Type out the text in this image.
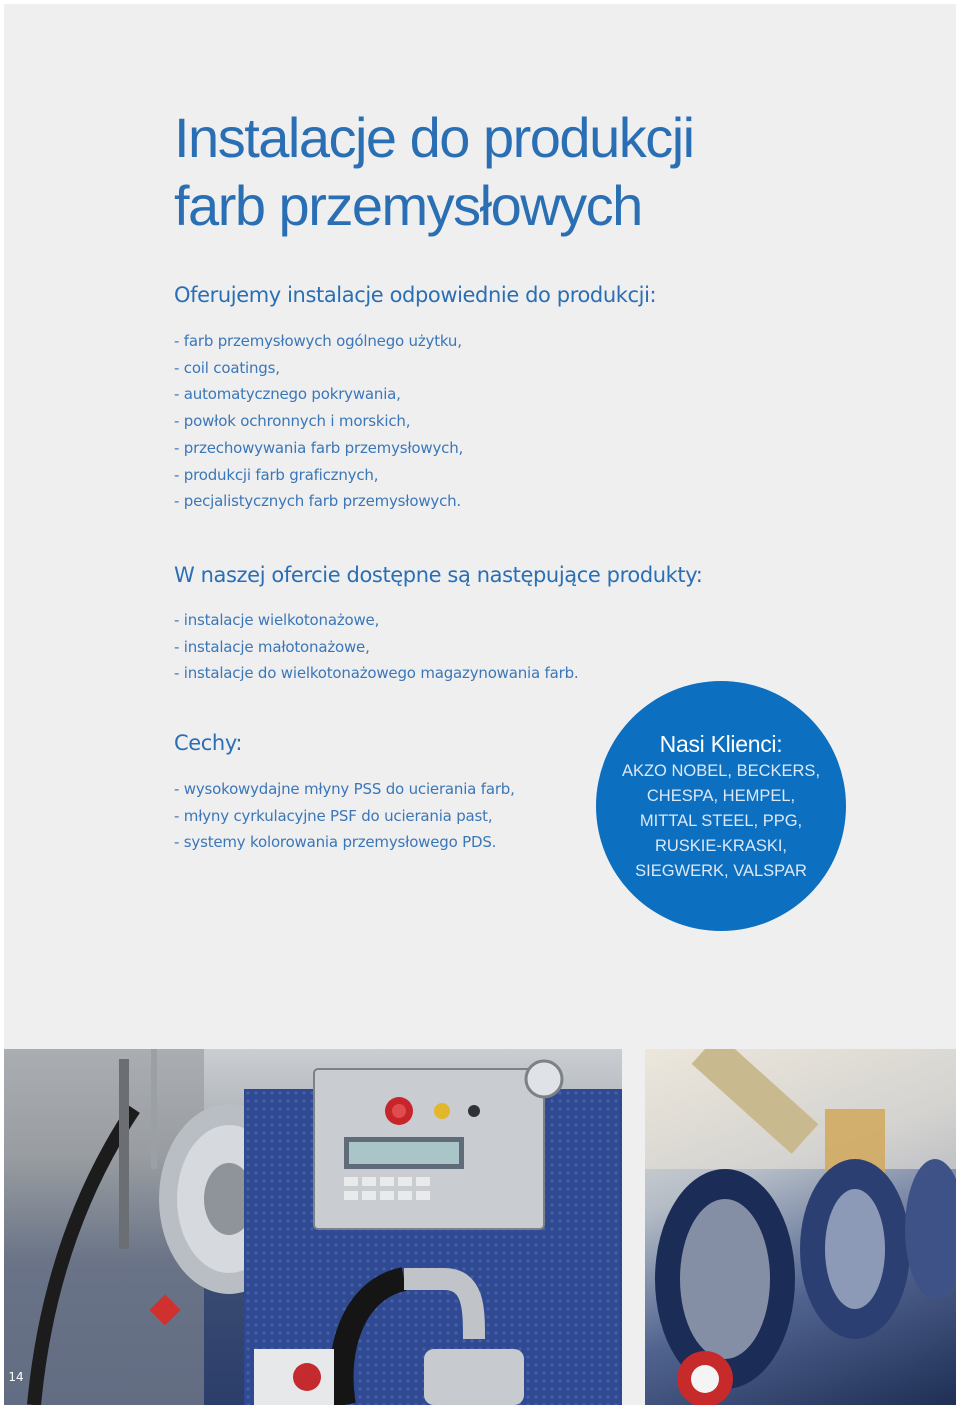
Instalacje do produkcji
farb przemysłowych
Oferujemy instalacje odpowiednie do produkcji:
- farb przemysłowych ogólnego użytku,
- coil coatings,
- automatycznego pokrywania,
- powłok ochronnych i morskich,
- przechowywania farb przemysłowych,
- produkcji farb graficznych,
- pecjalistycznych farb przemysłowych.
W naszej ofercie dostępne są następujące produkty:
- instalacje wielkotonażowe,
- instalacje małotonażowe,
- instalacje do wielkotonażowego magazynowania farb.
Cechy:
- wysokowydajne młyny PSS do ucierania farb,
- młyny cyrkulacyjne PSF do ucierania past,
- systemy kolorowania przemysłowego PDS.
Nasi Klienci:
AKZO NOBEL, BECKERS,
CHESPA, HEMPEL,
MITTAL STEEL, PPG,
RUSKIE-KRASKI,
SIEGWERK, VALSPAR
14
